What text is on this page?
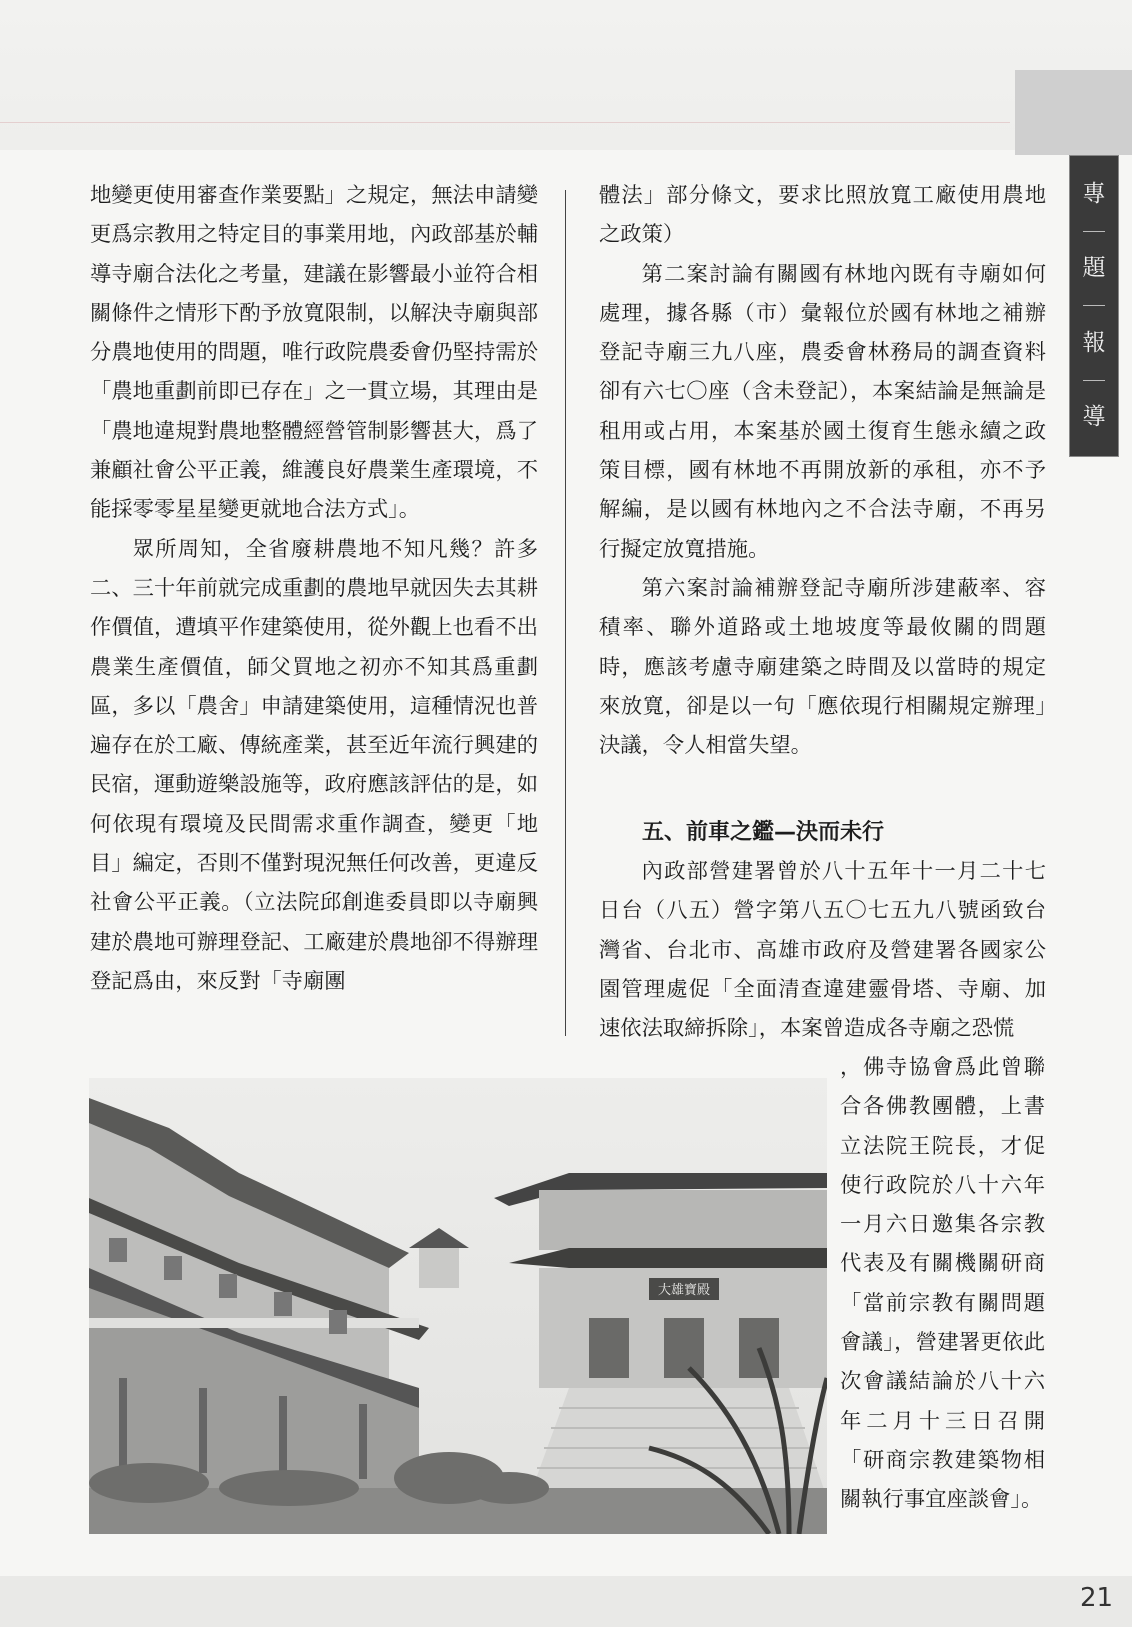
專
題
報
導

地變更使用審查作業要點」之規定，無法申請變更爲宗教用之特定目的事業用地，內政部基於輔導寺廟合法化之考量，建議在影響最小並符合相關條件之情形下酌予放寬限制，以解決寺廟與部分農地使用的問題，唯行政院農委會仍堅持需於「農地重劃前即已存在」之一貫立場，其理由是「農地違規對農地整體經營管制影響甚大，爲了兼顧社會公平正義，維護良好農業生產環境，不能採零零星星變更就地合法方式」。

眾所周知，全省廢耕農地不知凡幾？許多二、三十年前就完成重劃的農地早就因失去其耕作價值，遭填平作建築使用，從外觀上也看不出農業生產價值，師父買地之初亦不知其爲重劃區，多以「農舍」申請建築使用，這種情況也普遍存在於工廠、傳統產業，甚至近年流行興建的民宿，運動遊樂設施等，政府應該評估的是，如何依現有環境及民間需求重作調查，變更「地目」編定，否則不僅對現況無任何改善，更違反社會公平正義。（立法院邱創進委員即以寺廟興建於農地可辦理登記、工廠建於農地卻不得辦理登記爲由，來反對「寺廟團

體法」部分條文，要求比照放寬工廠使用農地之政策）

第二案討論有關國有林地內既有寺廟如何處理，據各縣（市）彙報位於國有林地之補辦登記寺廟三九八座，農委會林務局的調查資料卻有六七〇座（含未登記），本案結論是無論是租用或占用，本案基於國土復育生態永續之政策目標，國有林地不再開放新的承租，亦不予解編，是以國有林地內之不合法寺廟，不再另行擬定放寬措施。

第六案討論補辦登記寺廟所涉建蔽率、容積率、聯外道路或土地坡度等最攸關的問題時，應該考慮寺廟建築之時間及以當時的規定來放寬，卻是以一句「應依現行相關規定辦理」決議，令人相當失望。

五、前車之鑑—決而未行

內政部營建署曾於八十五年十一月二十七日台（八五）營字第八五〇七五九八號函致台灣省、台北市、高雄市政府及營建署各國家公園管理處促「全面清查違建靈骨塔、寺廟、加速依法取締拆除」，本案曾造成各寺廟之恐慌

，佛寺協會爲此曾聯合各佛教團體，上書立法院王院長，才促使行政院於八十六年一月六日邀集各宗教代表及有關機關研商「當前宗教有關問題會議」，營建署更依此次會議結論於八十六年二月十三日召開「研商宗教建築物相關執行事宜座談會」。

大雄寶殿
21
